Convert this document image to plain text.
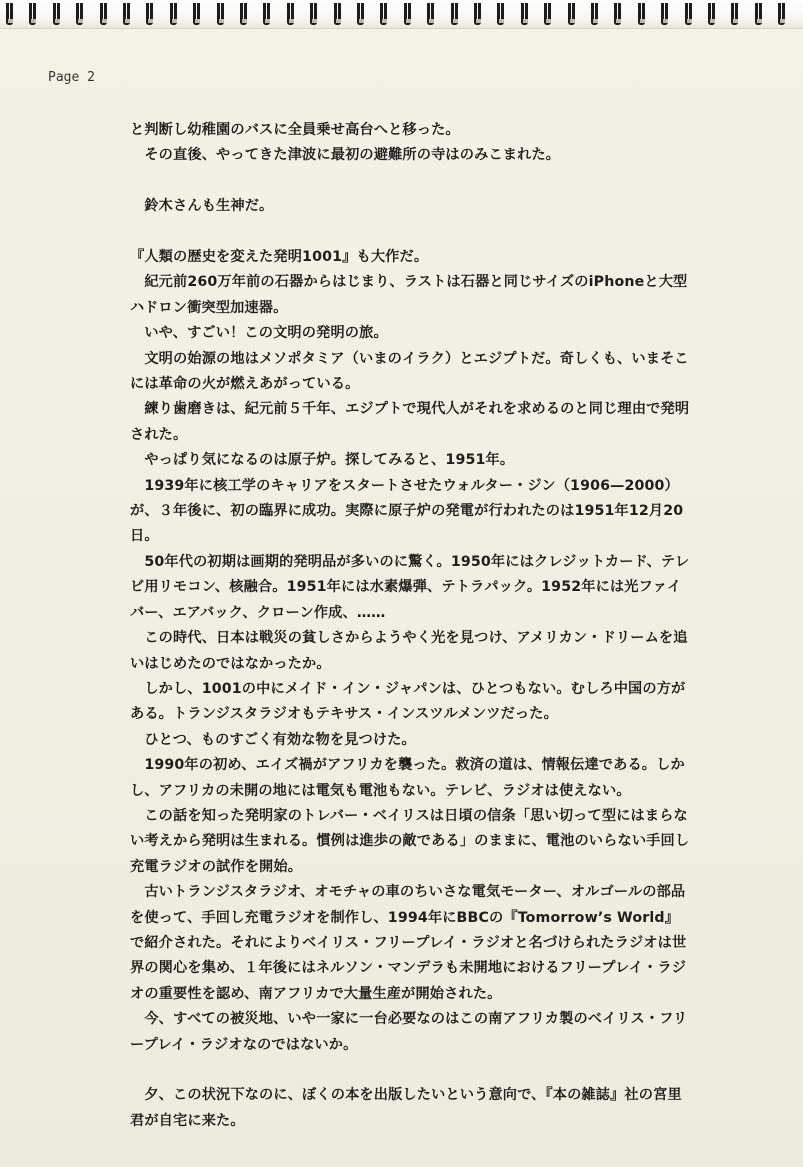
Page 2

と判断し幼稚園のバスに全員乗せ高台へと移った。

　その直後、やってきた津波に最初の避難所の寺はのみこまれた。

　鈴木さんも生神だ。

『人類の歴史を変えた発明1001』も大作だ。

　紀元前260万年前の石器からはじまり、ラストは石器と同じサイズのiPhoneと大型ハドロン衝突型加速器。

　いや、すごい！この文明の発明の旅。

　文明の始源の地はメソポタミア（いまのイラク）とエジプトだ。奇しくも、いまそこには革命の火が燃えあがっている。

　練り歯磨きは、紀元前５千年、エジプトで現代人がそれを求めるのと同じ理由で発明された。

　やっぱり気になるのは原子炉。探してみると、1951年。

　1939年に核工学のキャリアをスタートさせたウォルター・ジン（1906—2000）が、３年後に、初の臨界に成功。実際に原子炉の発電が行われたのは1951年12月20日。

　50年代の初期は画期的発明品が多いのに驚く。1950年にはクレジットカード、テレビ用リモコン、核融合。1951年には水素爆弾、テトラパック。1952年には光ファイバー、エアバック、クローン作成、……

　この時代、日本は戦災の貧しさからようやく光を見つけ、アメリカン・ドリームを追いはじめたのではなかったか。

　しかし、1001の中にメイド・イン・ジャパンは、ひとつもない。むしろ中国の方がある。トランジスタラジオもテキサス・インスツルメンツだった。

　ひとつ、ものすごく有効な物を見つけた。

　1990年の初め、エイズ禍がアフリカを襲った。救済の道は、情報伝達である。しかし、アフリカの未開の地には電気も電池もない。テレビ、ラジオは使えない。

　この話を知った発明家のトレバー・ベイリスは日頃の信条「思い切って型にはまらない考えから発明は生まれる。慣例は進歩の敵である」のままに、電池のいらない手回し充電ラジオの試作を開始。

　古いトランジスタラジオ、オモチャの車のちいさな電気モーター、オルゴールの部品を使って、手回し充電ラジオを制作し、1994年にBBCの『Tomorrow’s World』で紹介された。それによりベイリス・フリープレイ・ラジオと名づけられたラジオは世界の関心を集め、１年後にはネルソン・マンデラも未開地におけるフリープレイ・ラジオの重要性を認め、南アフリカで大量生産が開始された。

　今、すべての被災地、いや一家に一台必要なのはこの南アフリカ製のベイリス・フリープレイ・ラジオなのではないか。

　夕、この状況下なのに、ぼくの本を出版したいという意向で、『本の雑誌』社の宮里君が自宅に来た。
